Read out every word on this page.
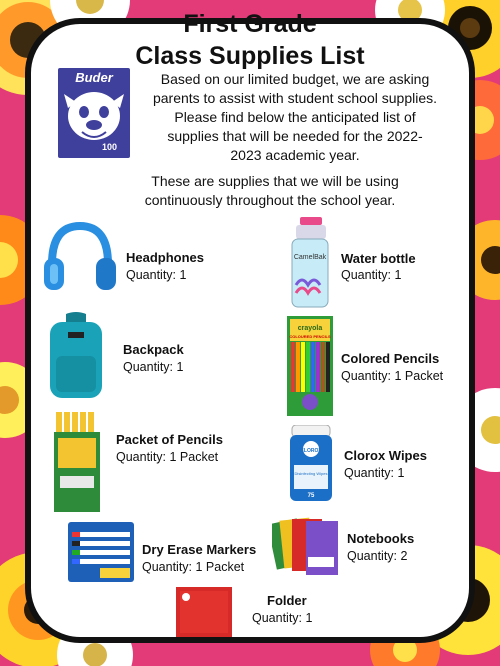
First Grade
Class Supplies List
Buder
100
Based on our limited budget, we are asking
parents to assist with student school supplies.
Please find below the anticipated list of
supplies that will be needed for the 2022-
2023 academic year.
These are supplies that we will be using
continuously throughout the school year.
Headphones
Quantity: 1
CamelBak Water bottle
Quantity: 1
Backpack
Quantity: 1
crayola
COLOURED PENCILS
Colored Pencils
Quantity: 1 Packet
Packet of Pencils
Quantity: 1 Packet	CLOROX
Disinfecting Wipes
75
Clorox Wipes
Quantity: 1
Dry Erase Markers
Quantity: 1 Packet
Notebooks
Quantity: 2
Folder
Quantity: 1
